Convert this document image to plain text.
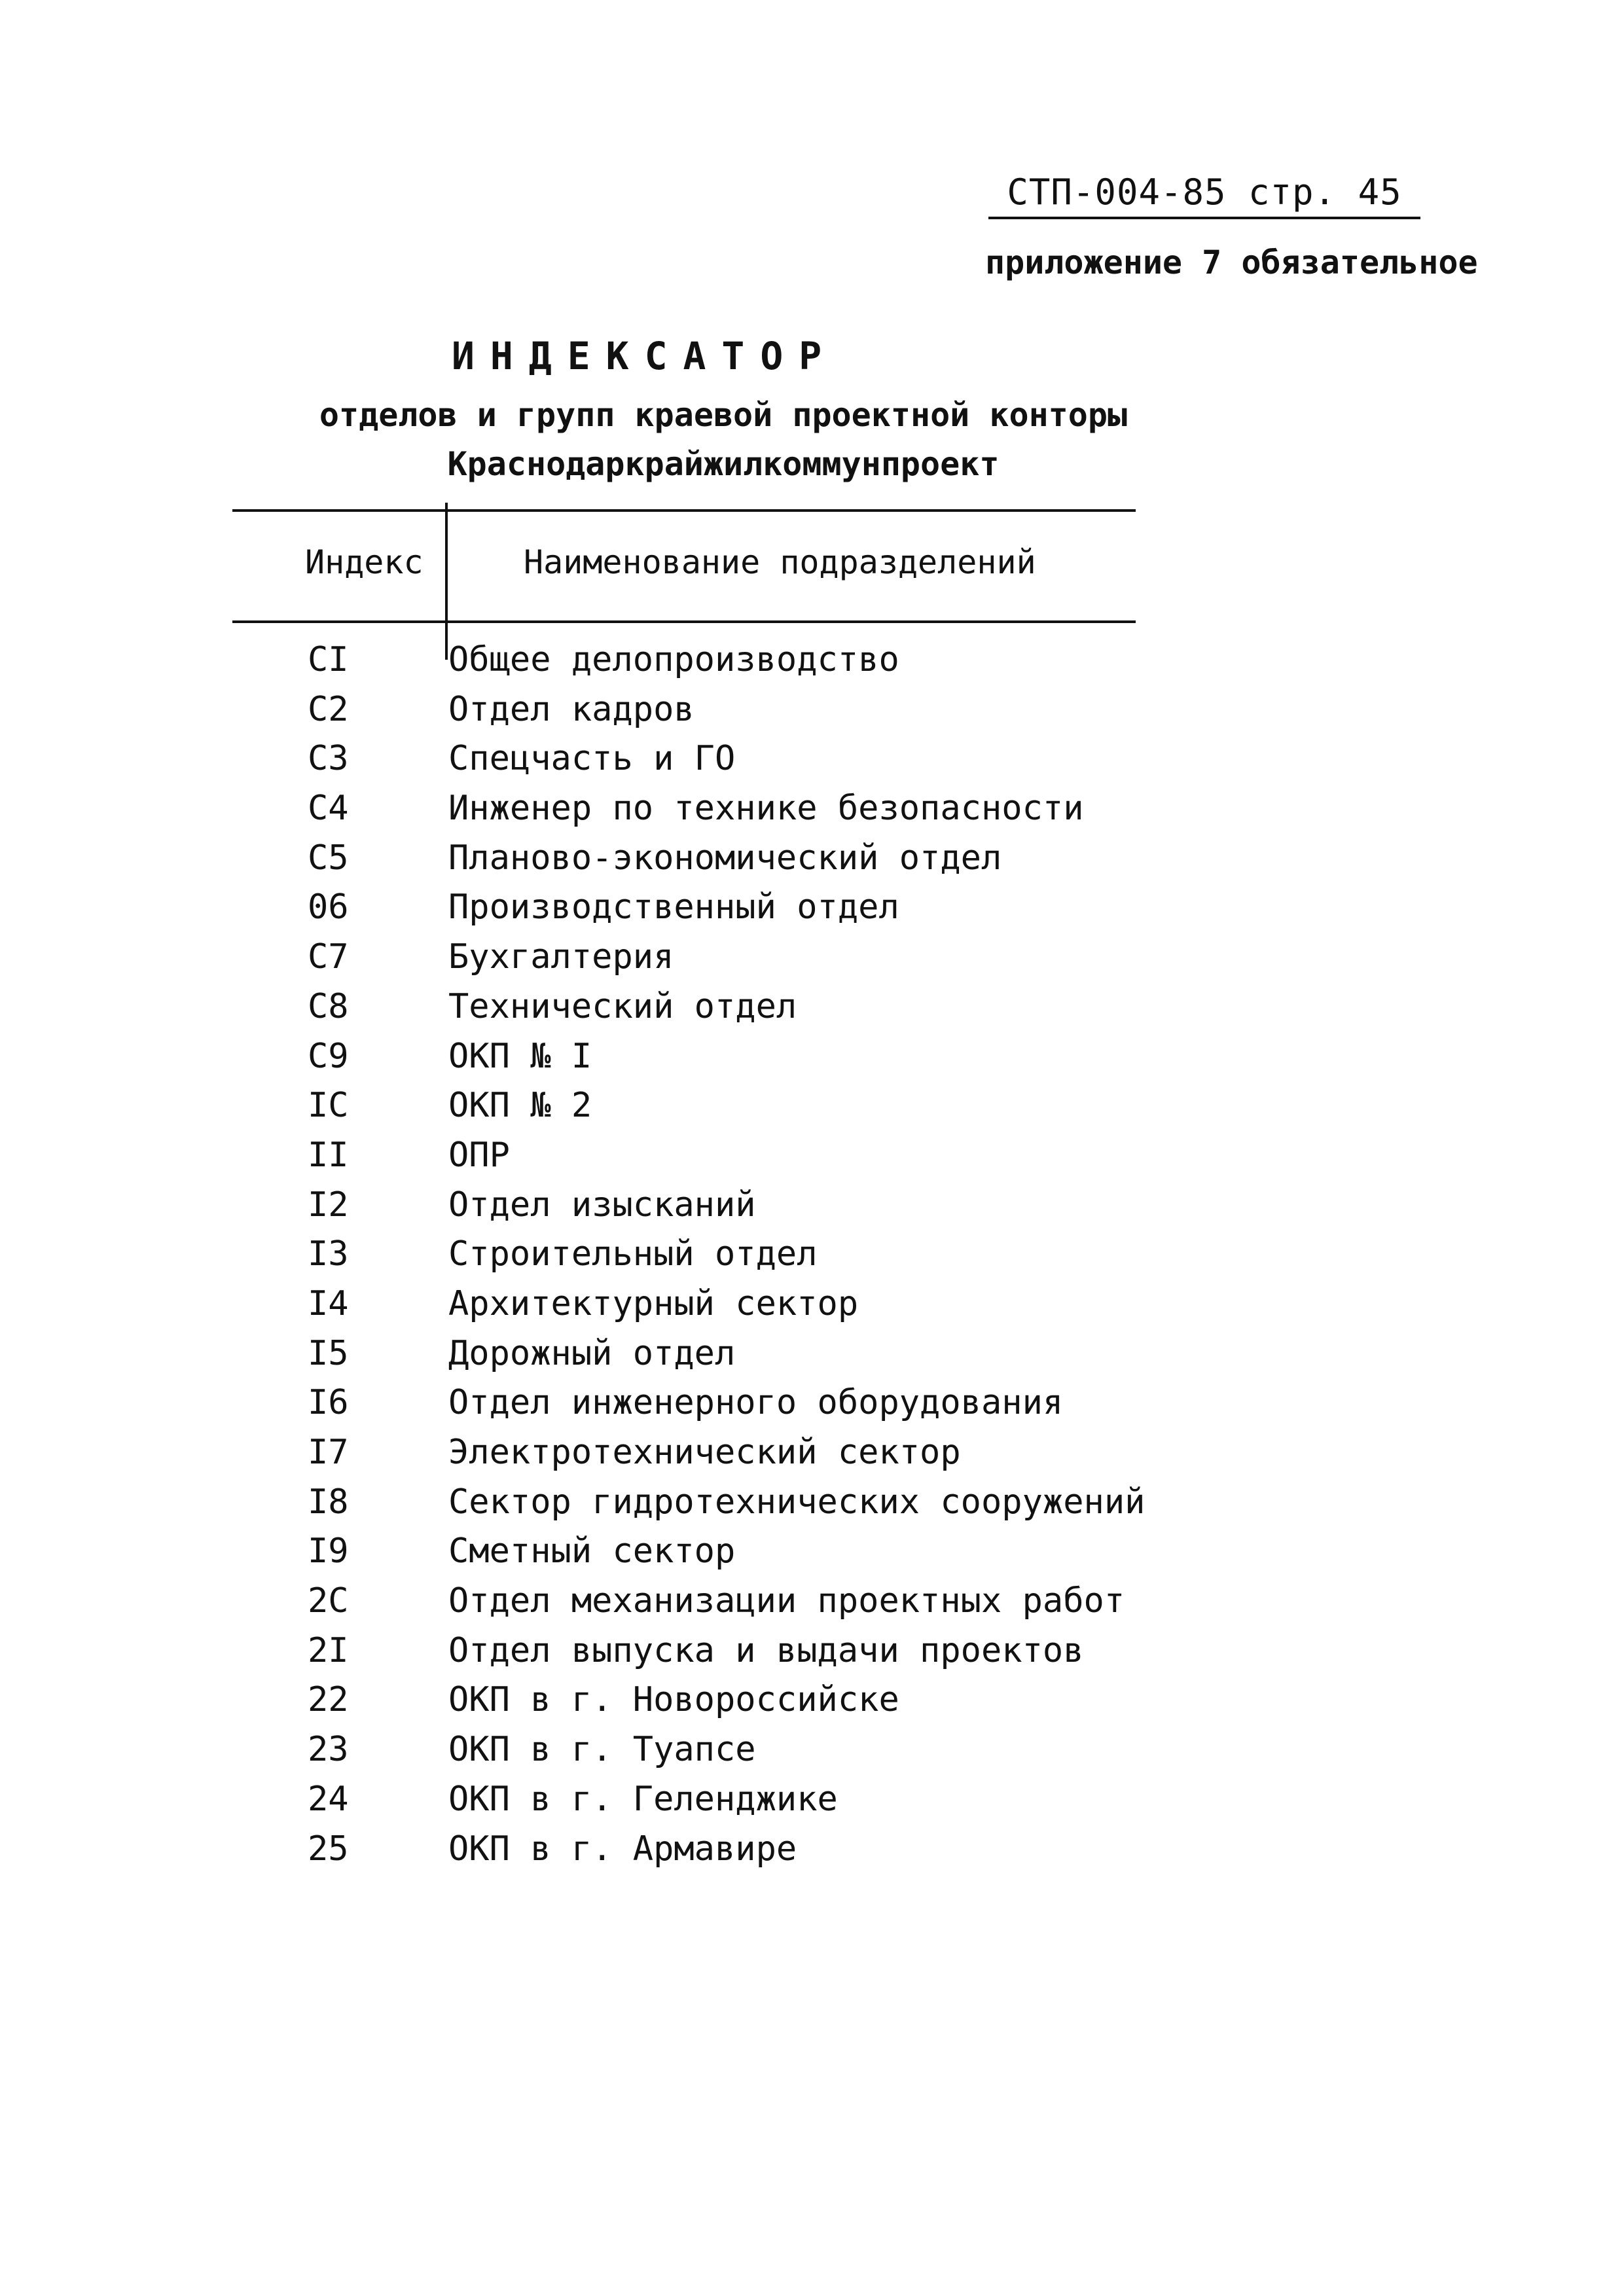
СТП-004-85 стр. 45
приложение 7 обязательное
ИНДЕКСАТОР
отделов и групп краевой проектной конторы
Краснодаркрайжилкоммунпроект
Индекс	Наименование подразделений
CI	Общее делопроизводство
C2	Отдел кадров
C3	Спецчасть и ГО
C4	Инженер по технике безопасности
C5	Планово-экономический отдел
06	Производственный отдел
C7	Бухгалтерия
C8	Технический отдел
C9	ОКП № I
IC	ОКП № 2
II	ОПР
I2	Отдел изысканий
I3	Строительный отдел
I4	Архитектурный сектор
I5	Дорожный отдел
I6	Отдел инженерного оборудования
I7	Электротехнический сектор
I8	Сектор гидротехнических сооружений
I9	Сметный сектор
2C	Отдел механизации проектных работ
2I	Отдел выпуска и выдачи проектов
22	ОКП в г. Новороссийске
23	ОКП в г. Туапсе
24	ОКП в г. Геленджике
25	ОКП в г. Армавире
